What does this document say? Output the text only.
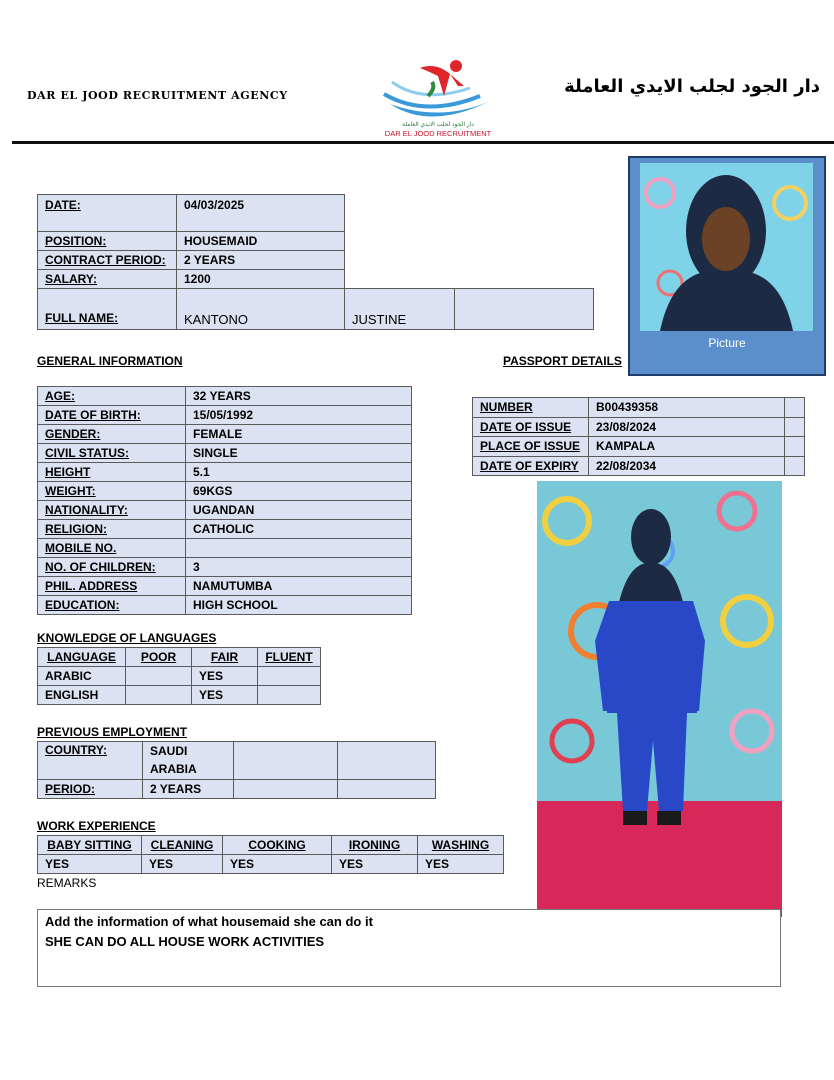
DAR EL JOOD RECRUITMENT AGENCY
دار الجود لجلب الايدي العاملة
DAR EL JOOD RECRUITMENT
دار الجود لجلب الايدي العاملة
DATE:	04/03/2025
POSITION:	HOUSEMAID
CONTRACT PERIOD:	2 YEARS
SALARY:	1200
FULL NAME:	KANTONO	JUSTINE	
Picture
GENERAL INFORMATION	PASSPORT DETAILS
AGE:	32 YEARS
DATE OF BIRTH:	15/05/1992
GENDER:	FEMALE
CIVIL STATUS:	SINGLE
HEIGHT	5.1
WEIGHT:	69KGS
NATIONALITY:	UGANDAN
RELIGION:	CATHOLIC
MOBILE NO.	
NO. OF CHILDREN:	3
PHIL. ADDRESS	NAMUTUMBA
EDUCATION:	HIGH SCHOOL
NUMBER	B00439358	
DATE OF ISSUE	23/08/2024	
PLACE OF ISSUE	KAMPALA	
DATE OF EXPIRY	22/08/2034	
KNOWLEDGE OF LANGUAGES
LANGUAGE	POOR	FAIR	FLUENT
ARABIC		YES	
ENGLISH		YES	
PREVIOUS EMPLOYMENT
COUNTRY:	SAUDI
ARABIA		

PERIOD:	2 YEARS		
WORK EXPERIENCE
BABY SITTING	CLEANING	COOKING	IRONING	WASHING
YES	YES	YES	YES	YES
REMARKS
Add the information of what housemaid she can do it
SHE CAN DO ALL HOUSE WORK ACTIVITIES
